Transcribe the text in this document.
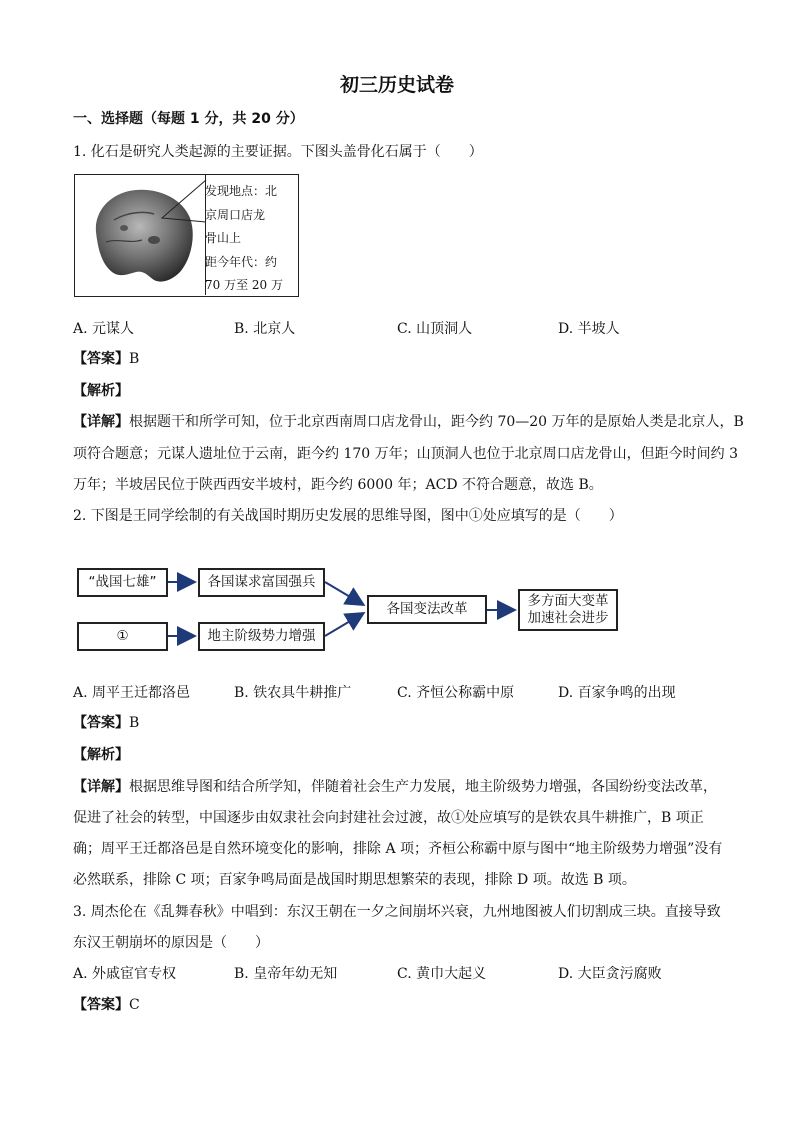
初三历史试卷
一、选择题（每题 1 分，共 20 分）
1. 化石是研究人类起源的主要证据。下图头盖骨化石属于（　　）
发现地点：北
京周口店龙
骨山上
距今年代：约
70 万至 20 万
A. 元谋人	B. 北京人	C. 山顶洞人	D. 半坡人
【答案】B
【解析】
【详解】根据题干和所学可知，位于北京西南周口店龙骨山，距今约 70—20 万年的是原始人类是北京人，B
项符合题意；元谋人遗址位于云南，距今约 170 万年；山顶洞人也位于北京周口店龙骨山，但距今时间约 3
万年；半坡居民位于陕西西安半坡村，距今约 6000 年；ACD 不符合题意，故选 B。
2. 下图是王同学绘制的有关战国时期历史发展的思维导图，图中①处应填写的是（　　）
“战国七雄”	各国谋求富国强兵
①	地主阶级势力增强
各国变法改革	多方面大变革
加速社会进步
A. 周平王迁都洛邑	B. 铁农具牛耕推广	C. 齐恒公称霸中原	D. 百家争鸣的出现
【答案】B
【解析】
【详解】根据思维导图和结合所学知，伴随着社会生产力发展，地主阶级势力增强，各国纷纷变法改革，
促进了社会的转型，中国逐步由奴隶社会向封建社会过渡，故①处应填写的是铁农具牛耕推广，B 项正
确；周平王迁都洛邑是自然环境变化的影响，排除 A 项；齐桓公称霸中原与图中“地主阶级势力增强”没有
必然联系，排除 C 项；百家争鸣局面是战国时期思想繁荣的表现，排除 D 项。故选 B 项。
3. 周杰伦在《乱舞春秋》中唱到：东汉王朝在一夕之间崩坏兴衰，九州地图被人们切割成三块。直接导致
东汉王朝崩坏的原因是（　　）
A. 外戚宦官专权	B. 皇帝年幼无知	C. 黄巾大起义	D. 大臣贪污腐败
【答案】C
